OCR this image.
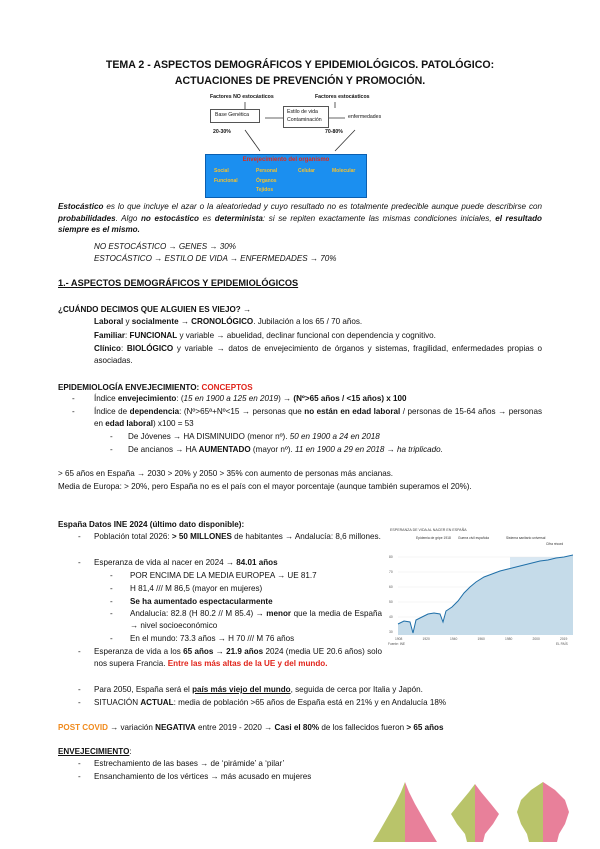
TEMA 2 - ASPECTOS DEMOGRÁFICOS Y EPIDEMIOLÓGICOS. PATOLÓGICO:
ACTUACIONES DE PREVENCIÓN Y PROMOCIÓN.
Factores NO estocásticos	Factores estocásticos
Base Genética	Estilo de vida
Contaminación	enfermedades
20-30%	70-80%
Envejecimiento del organismo
Social	Personal	Celular	Molecular
Funcional	Órganos
Tejidos
Estocástico es lo que incluye el azar o la aleatoriedad y cuyo resultado no es totalmente predecible aunque puede describirse con probabilidades. Algo no estocástico es determinista: si se repiten exactamente las mismas condiciones iniciales, el resultado siempre es el mismo.
NO ESTOCÁSTICO → GENES → 30%
ESTOCÁSTICO → ESTILO DE VIDA → ENFERMEDADES → 70%
1.- ASPECTOS DEMOGRÁFICOS Y EPIDEMIOLÓGICOS
¿CUÁNDO DECIMOS QUE ALGUIEN ES VIEJO? →
Laboral y socialmente → CRONOLÓGICO. Jubilación a los 65 / 70 años.
Familiar: FUNCIONAL y variable → abuelidad, declinar funcional con dependencia y cognitivo.
Clínico: BIOLÓGICO y variable → datos de envejecimiento de órganos y sistemas, fragilidad, enfermedades propias o asociadas.
EPIDEMIOLOGÍA ENVEJECIMIENTO: CONCEPTOS
- Índice envejecimiento: (15 en 1900 a 125 en 2019) → (Nº>65 años / <15 años) x 100
- Índice de dependencia: (Nº>65ª+Nº<15 → personas que no están en edad laboral / personas de 15-64 años → personas en edad laboral) x100 = 53
- De Jóvenes → HA DISMINUIDO (menor nº). 50 en 1900 a 24 en 2018
- De ancianos → HA AUMENTADO (mayor nº). 11 en 1900 a 29 en 2018 → ha triplicado.
> 65 años en España → 2030 > 20% y 2050 > 35% con aumento de personas más ancianas.
Media de Europa: > 20%, pero España no es el país con el mayor porcentaje (aunque también superamos el 20%).
España Datos INE 2024 (último dato disponible):
- Población total 2026: > 50 MILLONES de habitantes → Andalucía: 8,6 millones.
- Esperanza de vida al nacer en 2024 → 84.01 años
- POR ENCIMA DE LA MEDIA EUROPEA → UE 81.7
- H 81,4 /// M 86,5 (mayor en mujeres)
- Se ha aumentado espectacularmente
- Andalucía: 82.8 (H 80.2 // M 85.4) → menor que la media de España → nivel socioeconómico
- En el mundo: 73.3 años → H 70 /// M 76 años
- Esperanza de vida a los 65 años → 21.9 años 2024 (media UE 20.6 años) solo nos supera Francia. Entre las más altas de la UE y del mundo.
- Para 2050, España será el país más viejo del mundo, seguida de cerca por Italia y Japón.
- SITUACIÓN ACTUAL: media de población >65 años de España está en 21% y en Andalucía 18%
POST COVID → variación NEGATIVA entre 2019 - 2020 → Casi el 80% de los fallecidos fueron > 65 años
ENVEJECIMIENTO:
- Estrechamiento de las bases → de ‘pirámide’ a ‘pilar’
- Ensanchamiento de los vértices → más acusado en mujeres
ESPERANZA DE VIDA AL NACER EN ESPAÑA
Epidemia de gripe 1918 Guerra civil española	Sistema sanitario universal
Cifra récord
80
70
60
50
40
30
1908	1920	1940	1960	1980	2000	2019
Fuente: INE	EL PAÍS
